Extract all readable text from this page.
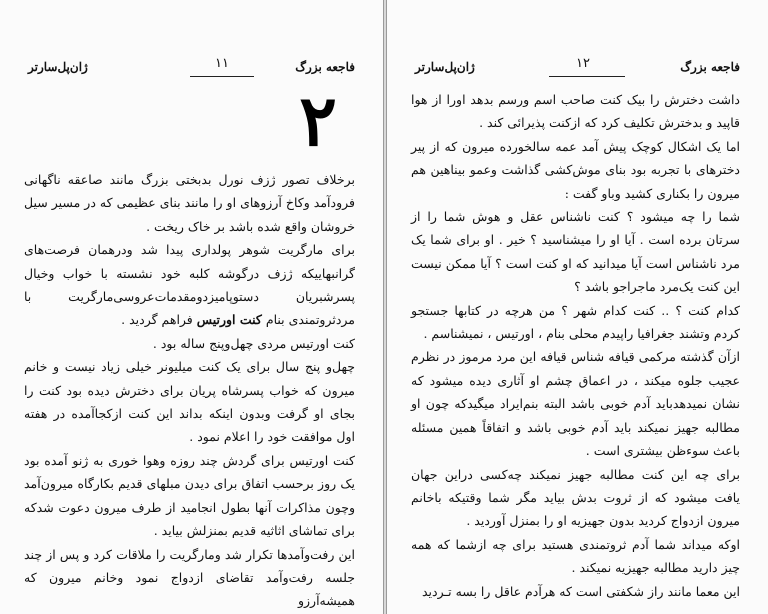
فاجعه بزرگ
۱۱
ژان‌پل‌سارتر
۲

برخلاف تصور ژزف نورل بدبختی بزرگ مانند صاعقه ناگهانی فرود‌آمد وکاخ آرزوهای او را مانند بنای عظیمی که در مسیر سیل خروشان واقع شده باشد بر خاک ریخت .

برای مارگریت شوهر پولداری پیدا شد ودرهمان فرصت‌های گرانبهاییکه ژزف درگوشه کلبه خود نشسته با خواب وخیال پسرشبریان دستوپامیزدومقدمات‌عروسی‌مارگریت با مردثروتمندی بنام کنت اورتیس فراهم گردید .

کنت اورتیس مردی چهل‌وپنج ساله بود .

چهل‌و پنج سال برای یک کنت میلیونر خیلی زیاد نیست و خانم میرون که خواب پسرشاه پریان برای دخترش دیده بود کنت را بجای او گرفت وبدون اینکه بداند این کنت ازکجاآمده در هفته اول موافقت خود را اعلام نمود .

کنت اورتیس برای گردش چند روزه وهوا خوری به ژنو آمده بود یک روز برحسب اتفاق برای دیدن مبلهای قدیم بکارگاه میرون‌آمد وچون مذاکرات آنها بطول انجامید از طرف میرون دعوت شدکه برای تماشای اثاثیه قدیم بمنزلش بیاید .

این رفت‌وآمدها تکرار شد ومارگریت را ملاقات کرد و پس از چند جلسه رفت‌وآمد تقاضای ازدواج نمود وخانم میرون که همیشه‌آرزو

فاجعه بزرگ
۱۲
ژان‌پل‌سارتر

داشت دخترش را بیک کنت صاحب اسم ورسم بدهد اورا از هوا قاپید و بدخترش تکلیف کرد که ازکنت پذیرائی کند .

اما یک اشکال کوچک پیش آمد عمه سالخورده میرون که از پیر دخترهای با تجربه بود بنای موش‌کشی گذاشت وعمو بیناهین هم میرون را بکناری کشید وباو گفت :

شما را چه میشود ؟ کنت ناشناس عقل و هوش شما را از سرتان برده است . آیا او را میشناسید ؟ خیر . او برای شما یک مرد ناشناس است آیا میدانید که او کنت است ؟ آیا ممکن نیست این کنت یک‌مرد ماجراجو باشد ؟

کدام کنت ؟ .. کنت کدام شهر ؟ من هرچه در کتابها جستجو کردم وتشند جغرافیا راپیدم محلی بنام ، اورتیس ، نمیشناسم .

ازآن گذشته مرکمی قیافه شناس قیافه این مرد مرموز در نظرم عجیب جلوه میکند ، در اعماق چشم او آثاری دیده میشود که نشان نمیدهدباید آدم خوبی باشد البته بنم‌ایراد میگیدکه چون او مطالبه جهیز نمیکند باید آدم خوبی باشد و اتفاقاً همین مسئله باعث سوءظن بیشتری است .

برای چه این کنت مطالبه جهیز نمیکند چه‌کسی دراین جهان یافت میشود که از ثروت بدش بیاید مگر شما وقتیکه باخانم میرون ازدواج کردید بدون جهیزیه او را بمنزل آوردید .

اوکه میداند شما آدم ثروتمندی هستید برای چه ازشما که همه چیز دارید مطالبه جهیزیه نمیکند .

این معما مانند راز شکفتی است که هرآدم عاقل را بسه تـردید
